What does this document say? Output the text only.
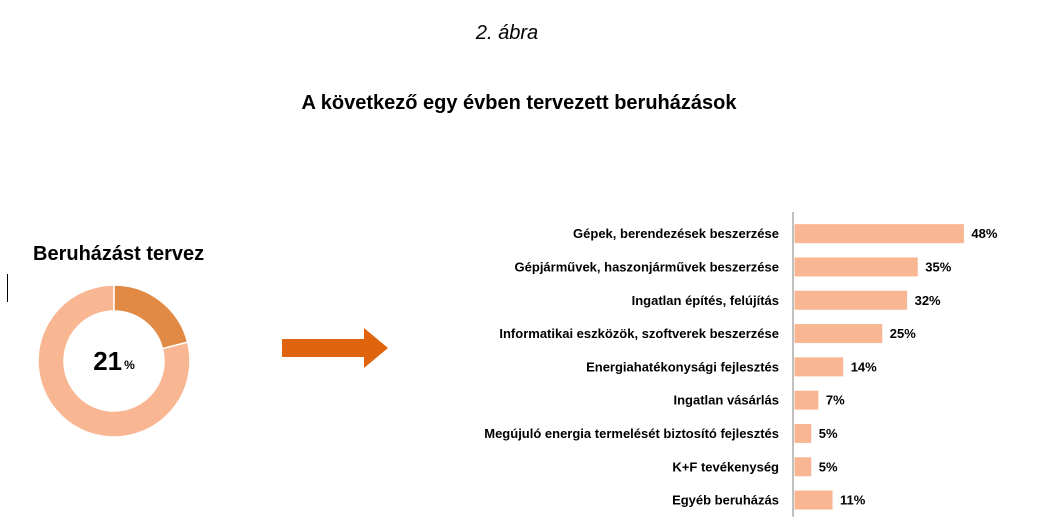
2. ábra
A következő egy évben tervezett beruházások
Beruházást tervez
21 %
Gépek, berendezések beszerzése	48%
Gépjárművek, haszonjárművek beszerzése	35%
Ingatlan építés, felújítás	32%
Informatikai eszközök, szoftverek beszerzése	25%
Energiahatékonysági fejlesztés	14%
Ingatlan vásárlás	7%
Megújuló energia termelését biztosító fejlesztés	5%
K+F tevékenység	5%
Egyéb beruházás	11%
